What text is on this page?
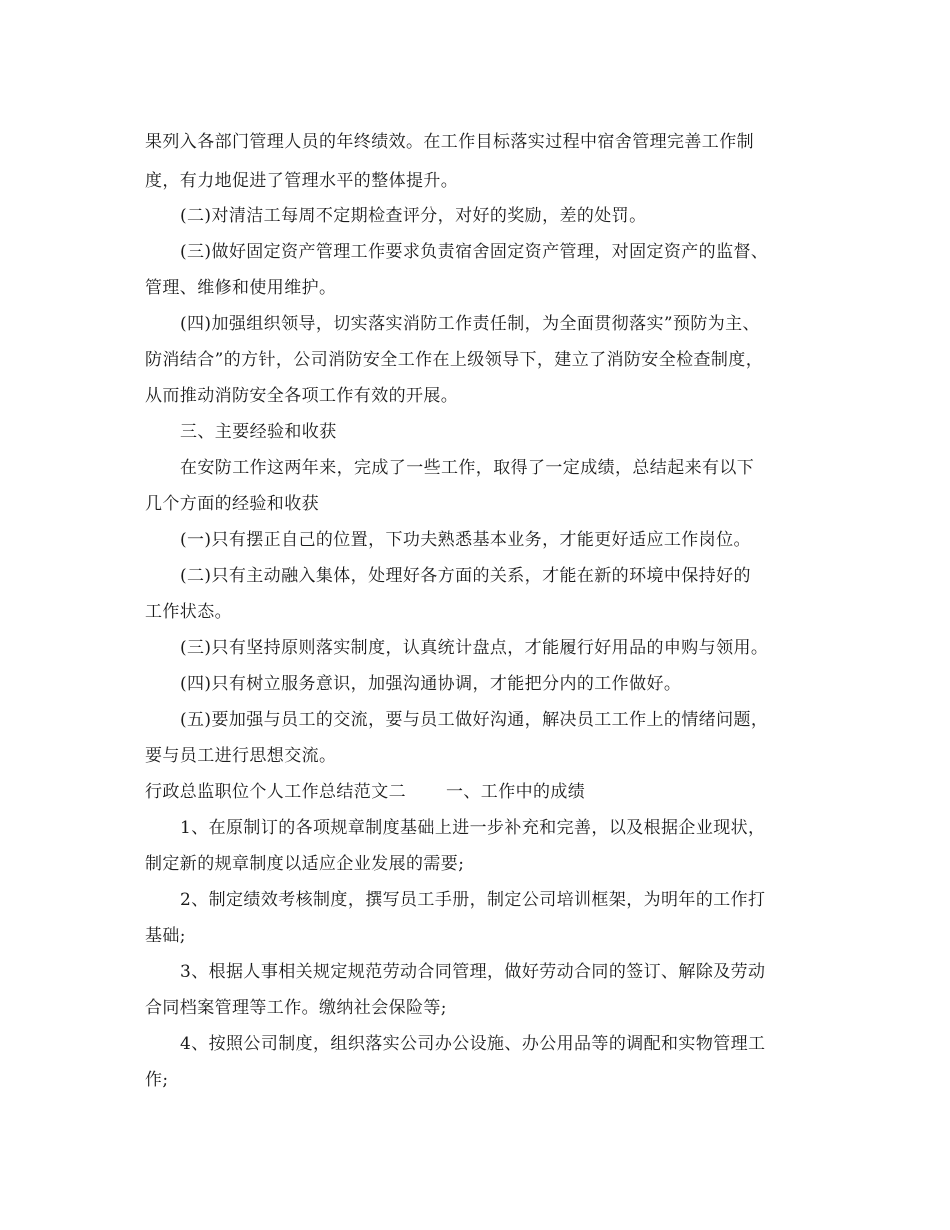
果列入各部门管理人员的年终绩效。在工作目标落实过程中宿舍管理完善工作制
度，有力地促进了管理水平的整体提升。
(二)对清洁工每周不定期检查评分，对好的奖励，差的处罚。
(三)做好固定资产管理工作要求负责宿舍固定资产管理，对固定资产的监督、
管理、维修和使用维护。
(四)加强组织领导，切实落实消防工作责任制，为全面贯彻落实”预防为主、
防消结合”的方针，公司消防安全工作在上级领导下，建立了消防安全检查制度，
从而推动消防安全各项工作有效的开展。
三、主要经验和收获
在安防工作这两年来，完成了一些工作，取得了一定成绩，总结起来有以下
几个方面的经验和收获
(一)只有摆正自己的位置，下功夫熟悉基本业务，才能更好适应工作岗位。
(二)只有主动融入集体，处理好各方面的关系，才能在新的环境中保持好的
工作状态。
(三)只有坚持原则落实制度，认真统计盘点，才能履行好用品的申购与领用。
(四)只有树立服务意识，加强沟通协调，才能把分内的工作做好。
(五)要加强与员工的交流，要与员工做好沟通，解决员工工作上的情绪问题，
要与员工进行思想交流。
行政总监职位个人工作总结范文二 一、工作中的成绩
1、在原制订的各项规章制度基础上进一步补充和完善，以及根据企业现状，
制定新的规章制度以适应企业发展的需要;
2、制定绩效考核制度，撰写员工手册，制定公司培训框架，为明年的工作打
基础;
3、根据人事相关规定规范劳动合同管理，做好劳动合同的签订、解除及劳动
合同档案管理等工作。缴纳社会保险等;
4、按照公司制度，组织落实公司办公设施、办公用品等的调配和实物管理工
作;
